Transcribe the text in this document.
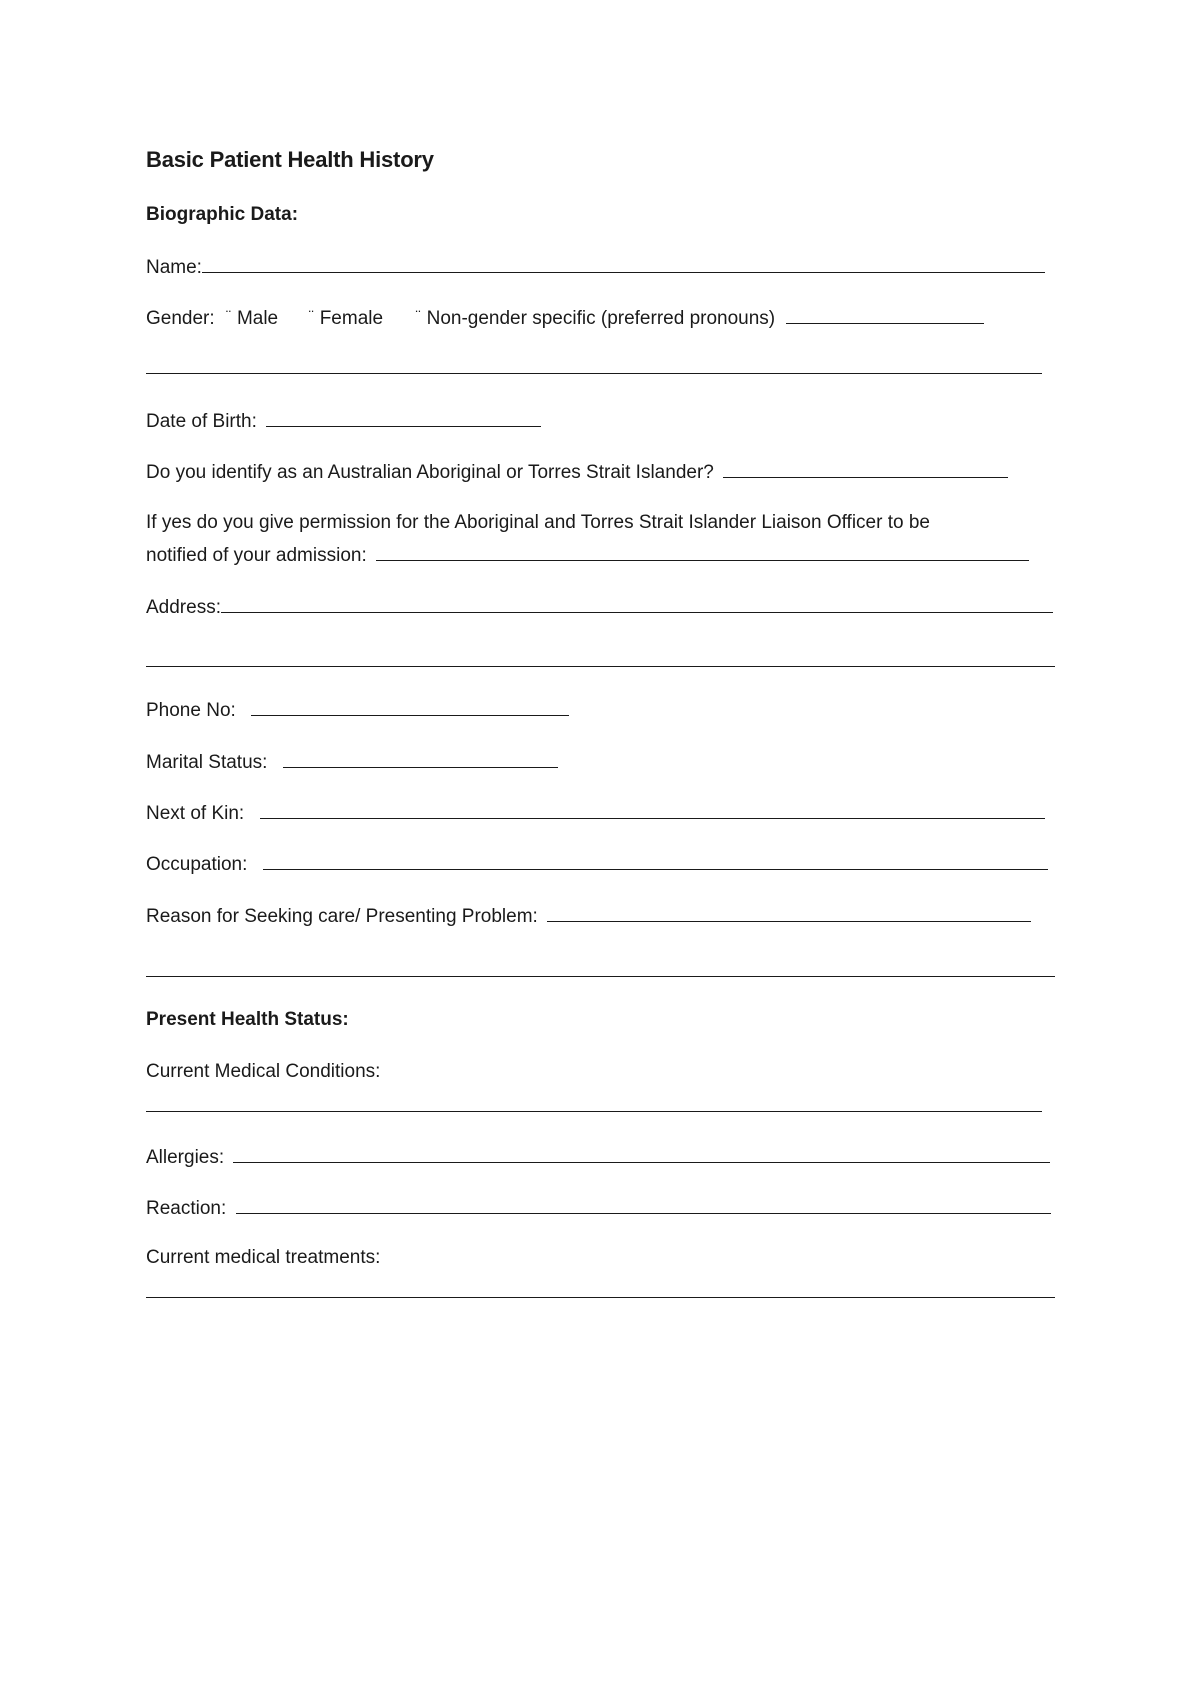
Basic Patient Health History
Biographic Data:
Name:
Gender: ¨ Male ¨ Female ¨ Non-gender specific (preferred pronouns)
Date of Birth:
Do you identify as an Australian Aboriginal or Torres Strait Islander?
If yes do you give permission for the Aboriginal and Torres Strait Islander Liaison Officer to be
notified of your admission:
Address:
Phone No:
Marital Status:
Next of Kin:
Occupation:
Reason for Seeking care/ Presenting Problem:
Present Health Status:
Current Medical Conditions:
Allergies:
Reaction:
Current medical treatments:
